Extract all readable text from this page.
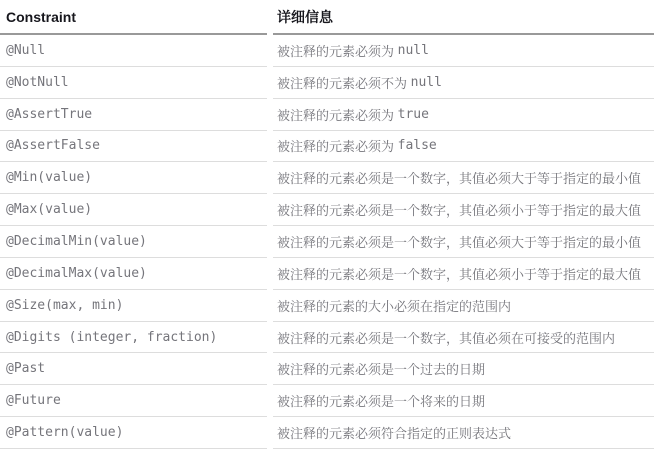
Constraint	详细信息
@Null	被注释的元素必须为 null
@NotNull	被注释的元素必须不为 null
@AssertTrue	被注释的元素必须为 true
@AssertFalse	被注释的元素必须为 false
@Min(value)	被注释的元素必须是一个数字，其值必须大于等于指定的最小值
@Max(value)	被注释的元素必须是一个数字，其值必须小于等于指定的最大值
@DecimalMin(value)	被注释的元素必须是一个数字，其值必须大于等于指定的最小值
@DecimalMax(value)	被注释的元素必须是一个数字，其值必须小于等于指定的最大值
@Size(max, min)	被注释的元素的大小必须在指定的范围内
@Digits (integer, fraction)	被注释的元素必须是一个数字，其值必须在可接受的范围内
@Past	被注释的元素必须是一个过去的日期
@Future	被注释的元素必须是一个将来的日期
@Pattern(value)	被注释的元素必须符合指定的正则表达式
